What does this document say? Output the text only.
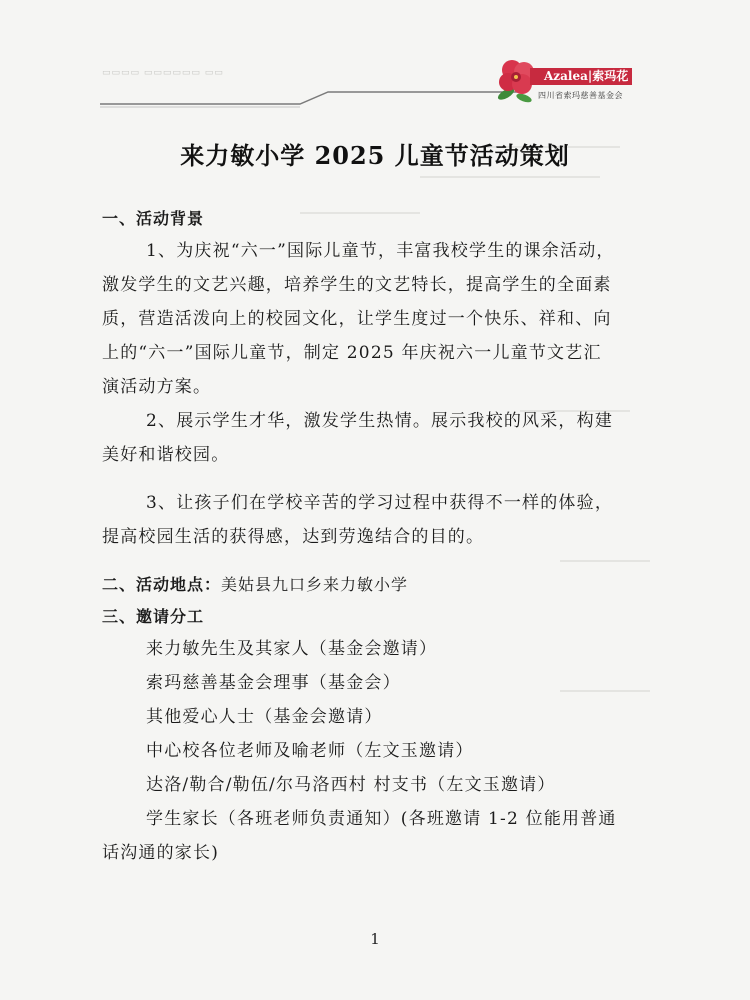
▭▭▭▭ ▭▭▭▭▭▭ ▭▭	Azalea|索玛花
四川省索玛慈善基金会
来力敏小学 2025 儿童节活动策划
一、活动背景
1、为庆祝“六一”国际儿童节，丰富我校学生的课余活动，
激发学生的文艺兴趣，培养学生的文艺特长，提高学生的全面素
质，营造活泼向上的校园文化，让学生度过一个快乐、祥和、向
上的“六一”国际儿童节，制定 2025 年庆祝六一儿童节文艺汇
演活动方案。
2、展示学生才华，激发学生热情。展示我校的风采，构建
美好和谐校园。
3、让孩子们在学校辛苦的学习过程中获得不一样的体验，
提高校园生活的获得感，达到劳逸结合的目的。
二、活动地点：美姑县九口乡来力敏小学
三、邀请分工
来力敏先生及其家人（基金会邀请）
索玛慈善基金会理事（基金会）
其他爱心人士（基金会邀请）
中心校各位老师及喻老师（左文玉邀请）
达洛/勒合/勒伍/尔马洛西村 村支书（左文玉邀请）
学生家长（各班老师负责通知）(各班邀请 1-2 位能用普通
话沟通的家长)
1
